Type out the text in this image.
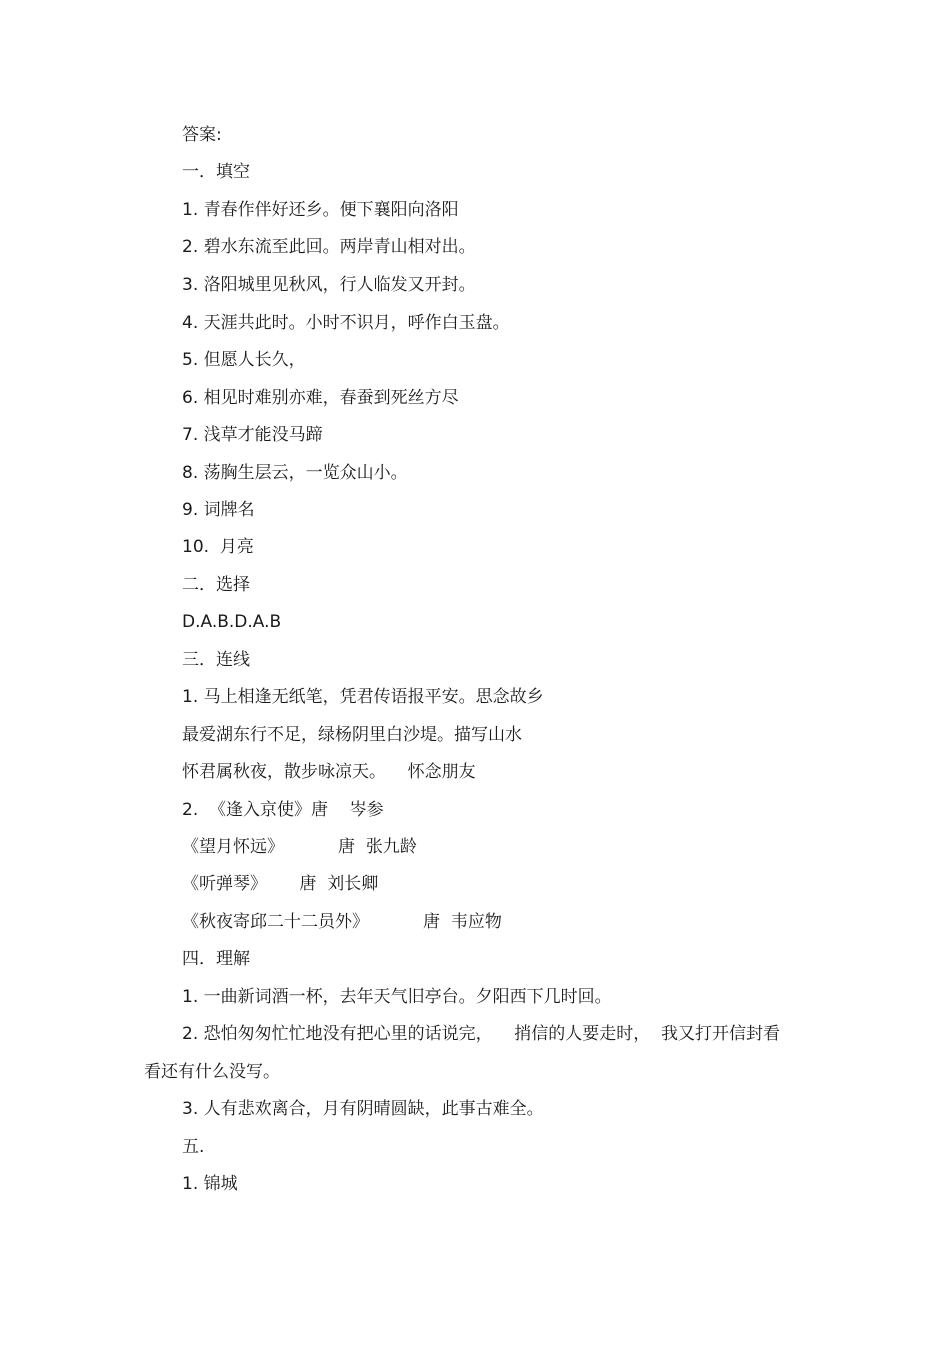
答案:
一．填空
1. 青春作伴好还乡。便下襄阳向洛阳
2. 碧水东流至此回。两岸青山相对出。
3. 洛阳城里见秋风，行人临发又开封。
4. 天涯共此时。小时不识月，呼作白玉盘。
5. 但愿人长久，
6. 相见时难别亦难，春蚕到死丝方尽
7. 浅草才能没马蹄
8. 荡胸生层云，一览众山小。
9. 词牌名
10.  月亮
二．选择
D.A.B.D.A.B
三．连线
1. 马上相逢无纸笔，凭君传语报平安。思念故乡
最爱湖东行不足，绿杨阴里白沙堤。描写山水
怀君属秋夜，散步咏凉天。    怀念朋友
2.  《逢入京使》唐    岑参
《望月怀远》          唐  张九龄
《听弹琴》      唐  刘长卿
《秋夜寄邱二十二员外》          唐  韦应物
四．理解
1. 一曲新词酒一杯，去年天气旧亭台。夕阳西下几时回。
2. 恐怕匆匆忙忙地没有把心里的话说完，    捎信的人要走时，  我又打开信封看
看还有什么没写。
3. 人有悲欢离合，月有阴晴圆缺，此事古难全。
五.
1. 锦城
